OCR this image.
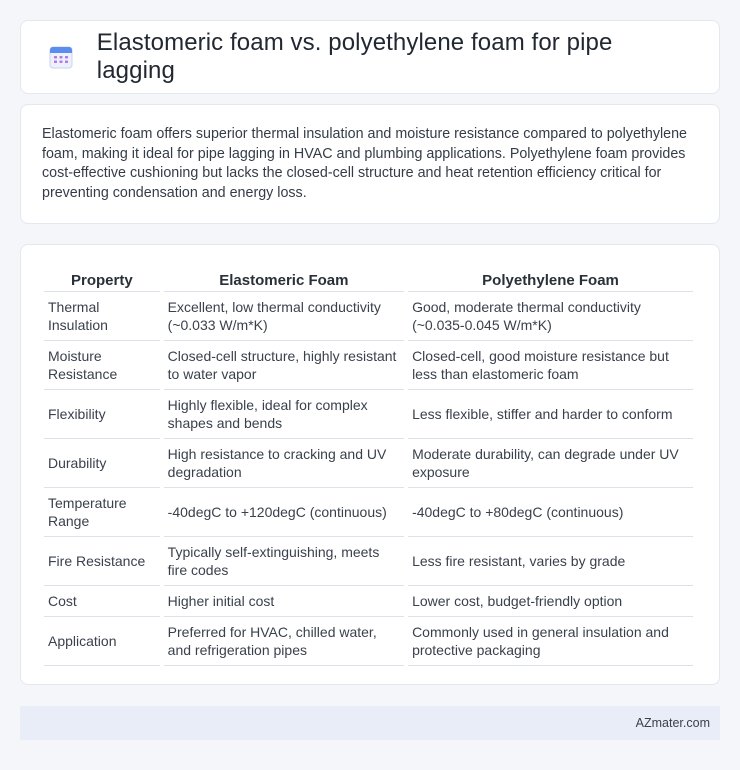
Elastomeric foam vs. polyethylene foam for pipe lagging

Elastomeric foam offers superior thermal insulation and moisture resistance compared to polyethylene foam, making it ideal for pipe lagging in HVAC and plumbing applications. Polyethylene foam provides cost-effective cushioning but lacks the closed-cell structure and heat retention efficiency critical for preventing condensation and energy loss.

Property	Elastomeric Foam	Polyethylene Foam
Thermal Insulation	Excellent, low thermal conductivity (~0.033 W/m*K)	Good, moderate thermal conductivity (~0.035-0.045 W/m*K)
Moisture Resistance	Closed-cell structure, highly resistant to water vapor	Closed-cell, good moisture resistance but less than elastomeric foam
Flexibility	Highly flexible, ideal for complex shapes and bends	Less flexible, stiffer and harder to conform
Durability	High resistance to cracking and UV degradation	Moderate durability, can degrade under UV exposure
Temperature Range	-40degC to +120degC (continuous)	-40degC to +80degC (continuous)
Fire Resistance	Typically self-extinguishing, meets fire codes	Less fire resistant, varies by grade
Cost	Higher initial cost	Lower cost, budget-friendly option
Application	Preferred for HVAC, chilled water, and refrigeration pipes	Commonly used in general insulation and protective packaging
AZmater.com
